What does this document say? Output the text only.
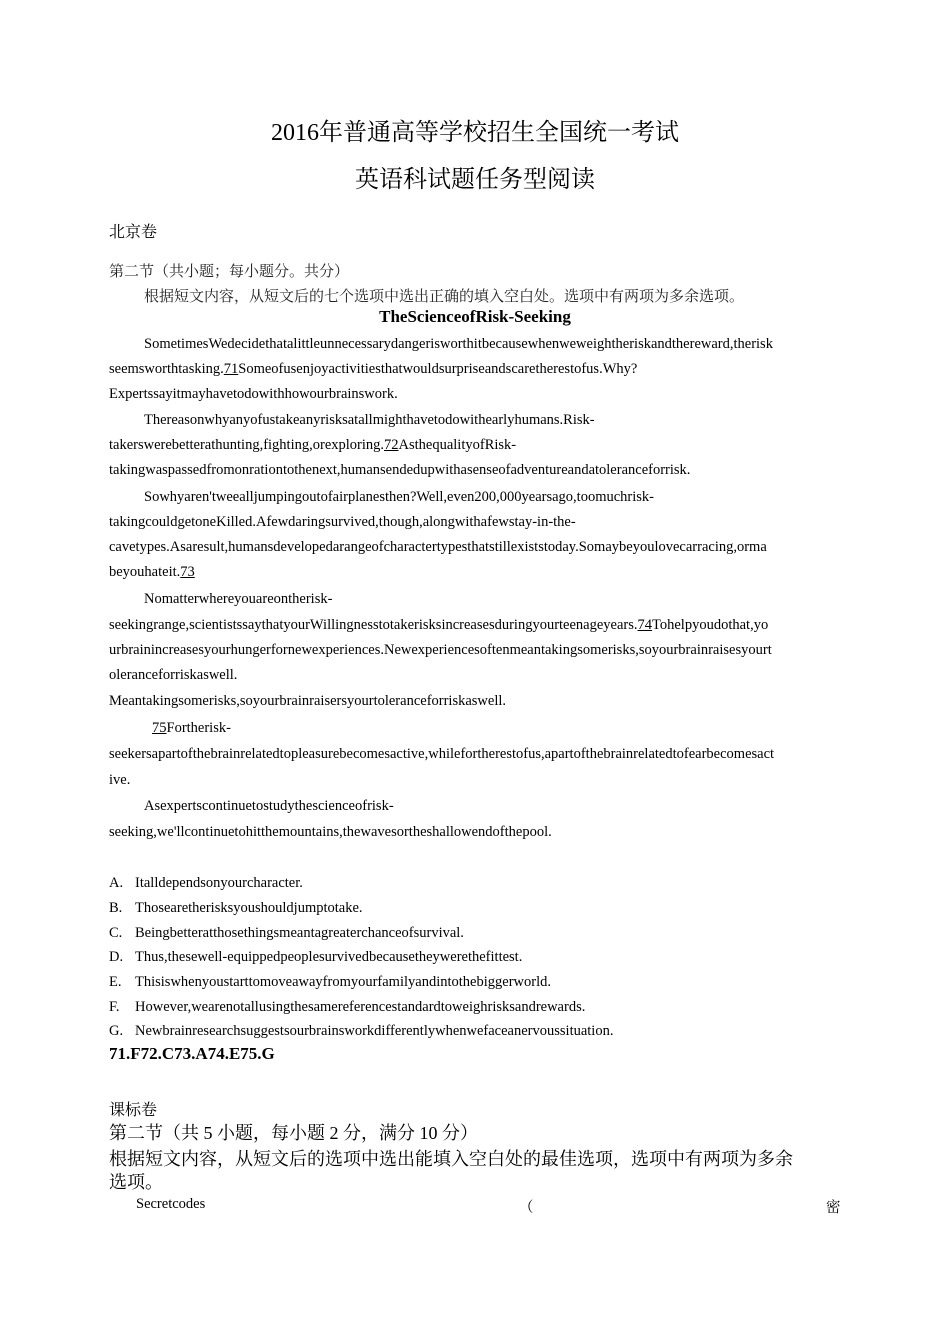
2016年普通高等学校招生全国统一考试
英语科试题任务型阅读
北京卷
第二节（共小题；每小题分。共分）
根据短文内容，从短文后的七个选项中选出正确的填入空白处。选项中有两项为多余选项。
TheScienceofRisk-Seeking
SometimesWedecidethatalittleunnecessarydangerisworthitbecausewhenweweightheriskandthereward,therisk
seemsworthtasking.71Someofusenjoyactivitiesthatwouldsurpriseandscaretherestofus.Why?
Expertssayitmayhavetodowithhowourbrainswork.
Thereasonwhyanyofustakeanyrisksatallmighthavetodowithearlyhumans.Risk-
takerswerebetterathunting,fighting,orexploring.72AsthequalityofRisk-
takingwaspassedfromonrationtothenext,humansendedupwithasenseofadventureandatoleranceforrisk.
Sowhyaren'tweealljumpingoutofairplanesthen?Well,even200,000yearsago,toomuchrisk-
takingcouldgetoneKilled.Afewdaringsurvived,though,alongwithafewstay-in-the-
cavetypes.Asaresult,humansdevelopedarangeofcharactertypesthatstillexiststoday.Somaybeyoulovecarracing,orma
beyouhateit.73
Nomatterwhereyouareontherisk-
seekingrange,scientistssaythatyourWillingnesstotakerisksincreasesduringyourteenageyears.74Tohelpyoudothat,yo
urbrainincreasesyourhungerfornewexperiences.Newexperiencesoftenmeantakingsomerisks,soyourbrainraisesyourt
oleranceforriskaswell.
Meantakingsomerisks,soyourbrainraisersyourtoleranceforriskaswell.
75Fortherisk-
seekersapartofthebrainrelatedtopleasurebecomesactive,whilefortherestofus,apartofthebrainrelatedtofearbecomesact
ive.
Asexpertscontinuetostudythescienceofrisk-
seeking,we'llcontinuetohitthemountains,thewavesortheshallowendofthepool.
A. Italldependsonyourcharacter.
B. Thosearetherisksyoushouldjumptotake.
C. Beingbetteratthosethingsmeantagreaterchanceofsurvival.
D. Thus,thesewell-equippedpeoplesurvivedbecausetheywerethefittest.
E. Thisiswhenyoustarttomoveawayfromyourfamilyandintothebiggerworld.
F. However,wearenotallusingthesamereferencestandardtoweighrisksandrewards.
G. Newbrainresearchsuggestsourbrainsworkdifferentlywhenwefaceanervoussituation.
71.F72.C73.A74.E75.G
课标卷
第二节（共 5 小题，每小题 2 分，满分 10 分）
根据短文内容，从短文后的选项中选出能填入空白处的最佳选项，选项中有两项为多余
选项。
Secretcodes	（	密
